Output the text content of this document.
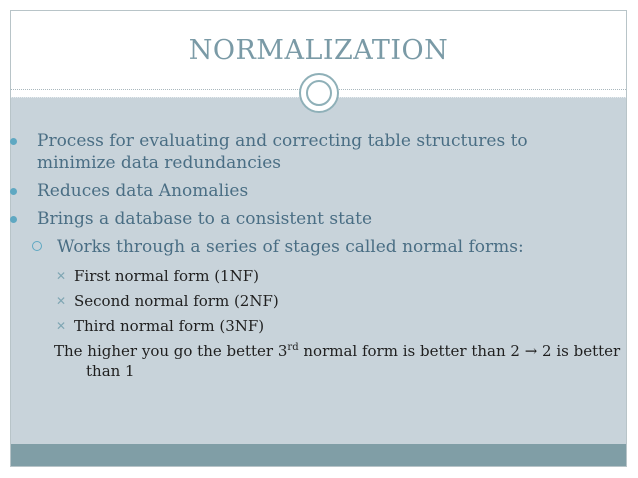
NORMALIZATION
Process for evaluating and correcting table structures to minimize data redundancies
Reduces data Anomalies
Brings a database to a consistent state
Works through a series of stages called normal forms:
✕ First normal form (1NF)
✕ Second normal form (2NF)
✕ Third normal form (3NF)
The higher you go the better 3rd normal form is better than 2 → 2 is better than 1
